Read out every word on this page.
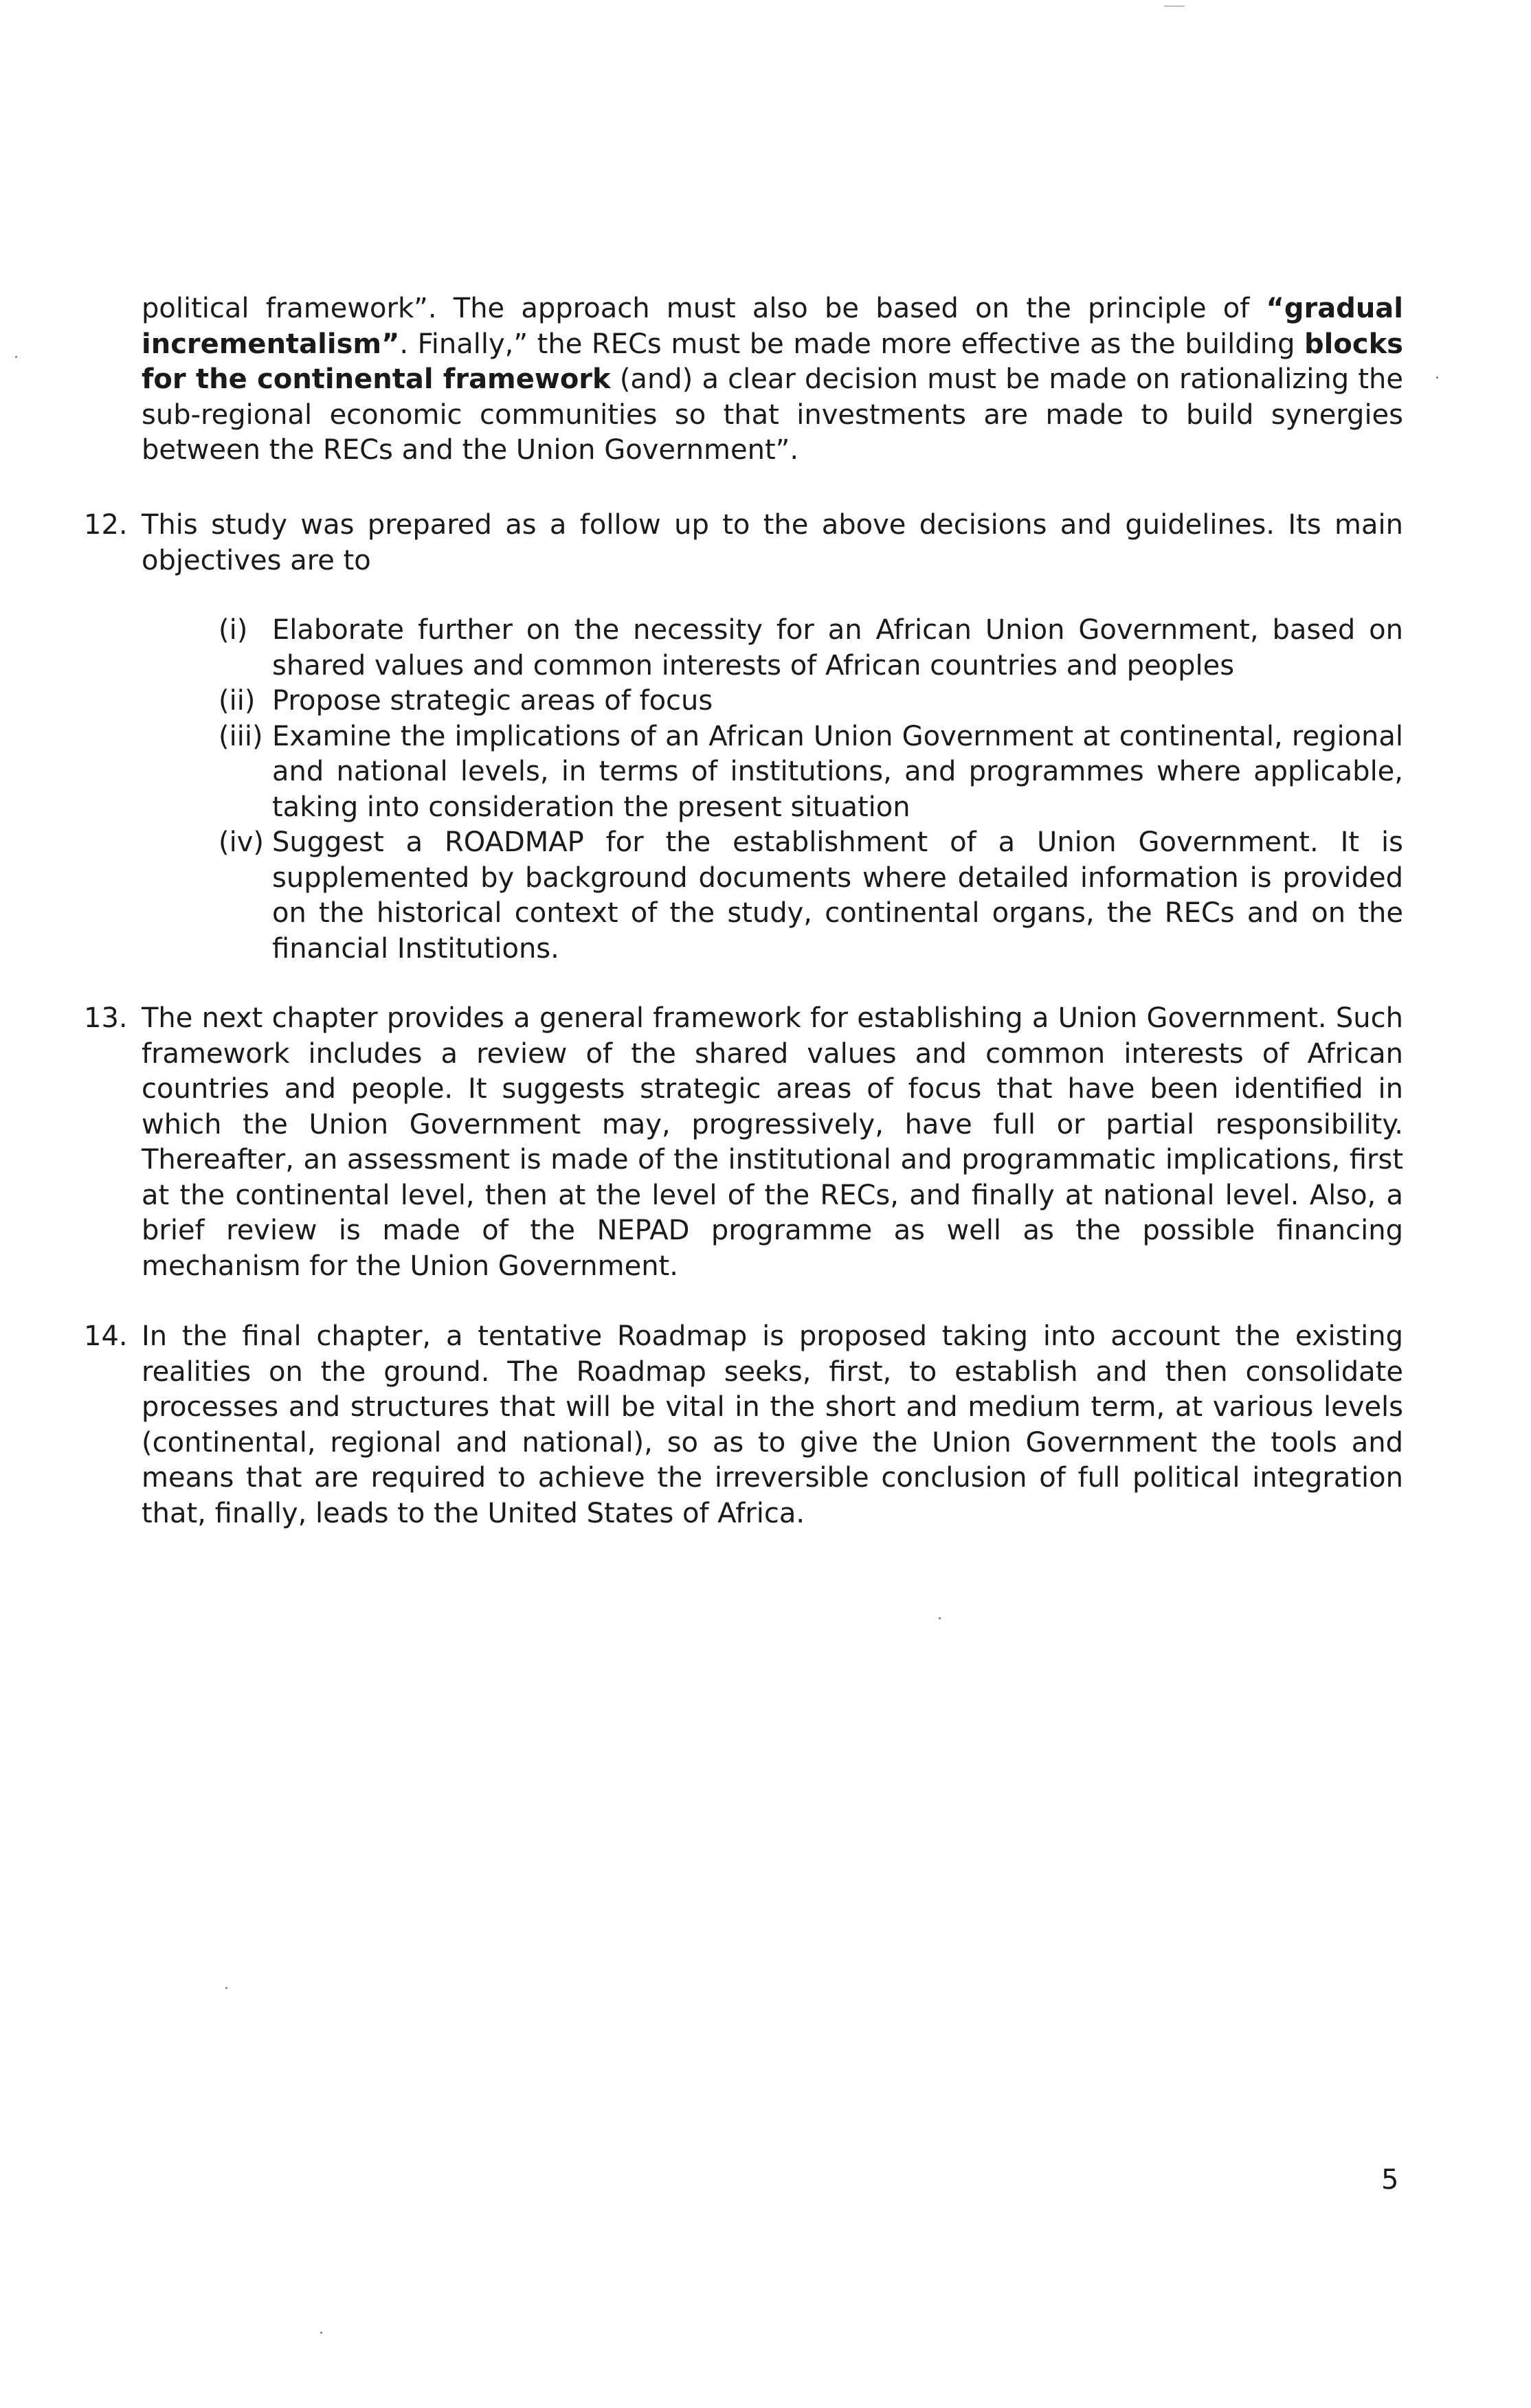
political framework”. The approach must also be based on the principle of “gradual incrementalism”. Finally,” the RECs must be made more effective as the building blocks for the continental framework (and) a clear decision must be made on rationalizing the sub-regional economic communities so that investments are made to build synergies between the RECs and the Union Government”.
12. This study was prepared as a follow up to the above decisions and guidelines. Its main objectives are to
(i) Elaborate further on the necessity for an African Union Government, based on shared values and common interests of African countries and peoples
(ii) Propose strategic areas of focus
(iii) Examine the implications of an African Union Government at continental, regional and national levels, in terms of institutions, and programmes where applicable, taking into consideration the present situation
(iv) Suggest a ROADMAP for the establishment of a Union Government. It is supplemented by background documents where detailed information is provided on the historical context of the study, continental organs, the RECs and on the financial Institutions.
13. The next chapter provides a general framework for establishing a Union Government. Such framework includes a review of the shared values and common interests of African countries and people. It suggests strategic areas of focus that have been identified in which the Union Government may, progressively, have full or partial responsibility. Thereafter, an assessment is made of the institutional and programmatic implications, first at the continental level, then at the level of the RECs, and finally at national level. Also, a brief review is made of the NEPAD programme as well as the possible financing mechanism for the Union Government.
14. In the final chapter, a tentative Roadmap is proposed taking into account the existing realities on the ground. The Roadmap seeks, first, to establish and then consolidate processes and structures that will be vital in the short and medium term, at various levels (continental, regional and national), so as to give the Union Government the tools and means that are required to achieve the irreversible conclusion of full political integration that, finally, leads to the United States of Africa.
5
